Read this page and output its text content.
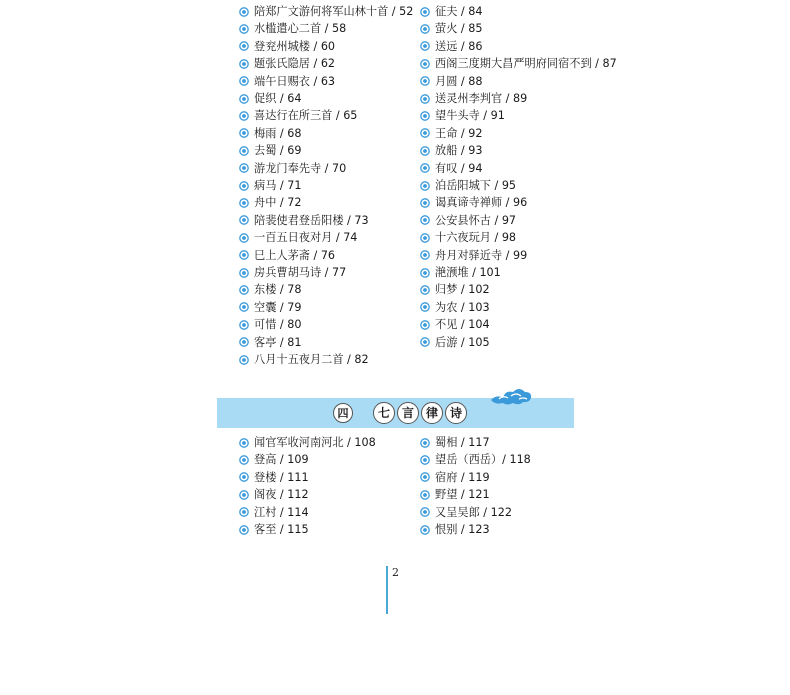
陪郑广文游何将军山林十首 / 52
水槛遣心二首 / 58
登兖州城楼 / 60
题张氏隐居 / 62
端午日赐衣 / 63
促织 / 64
喜达行在所三首 / 65
梅雨 / 68
去蜀 / 69
游龙门奉先寺 / 70
病马 / 71
舟中 / 72
陪裴使君登岳阳楼 / 73
一百五日夜对月 / 74
巳上人茅斋 / 76
房兵曹胡马诗 / 77
东楼 / 78
空囊 / 79
可惜 / 80
客亭 / 81
八月十五夜月二首 / 82
征夫 / 84
萤火 / 85
送远 / 86
西阁三度期大昌严明府同宿不到 / 87
月圆 / 88
送灵州李判官 / 89
望牛头寺 / 91
王命 / 92
放船 / 93
有叹 / 94
泊岳阳城下 / 95
谒真谛寺禅师 / 96
公安县怀古 / 97
十六夜玩月 / 98
舟月对驿近寺 / 99
滟滪堆 / 101
归梦 / 102
为农 / 103
不见 / 104
后游 / 105
四	七 言 律 诗
闻官军收河南河北 / 108
登高 / 109
登楼 / 111
阁夜 / 112
江村 / 114
客至 / 115
蜀相 / 117
望岳（西岳）/ 118
宿府 / 119
野望 / 121
又呈吴郎 / 122
恨别 / 123
2
